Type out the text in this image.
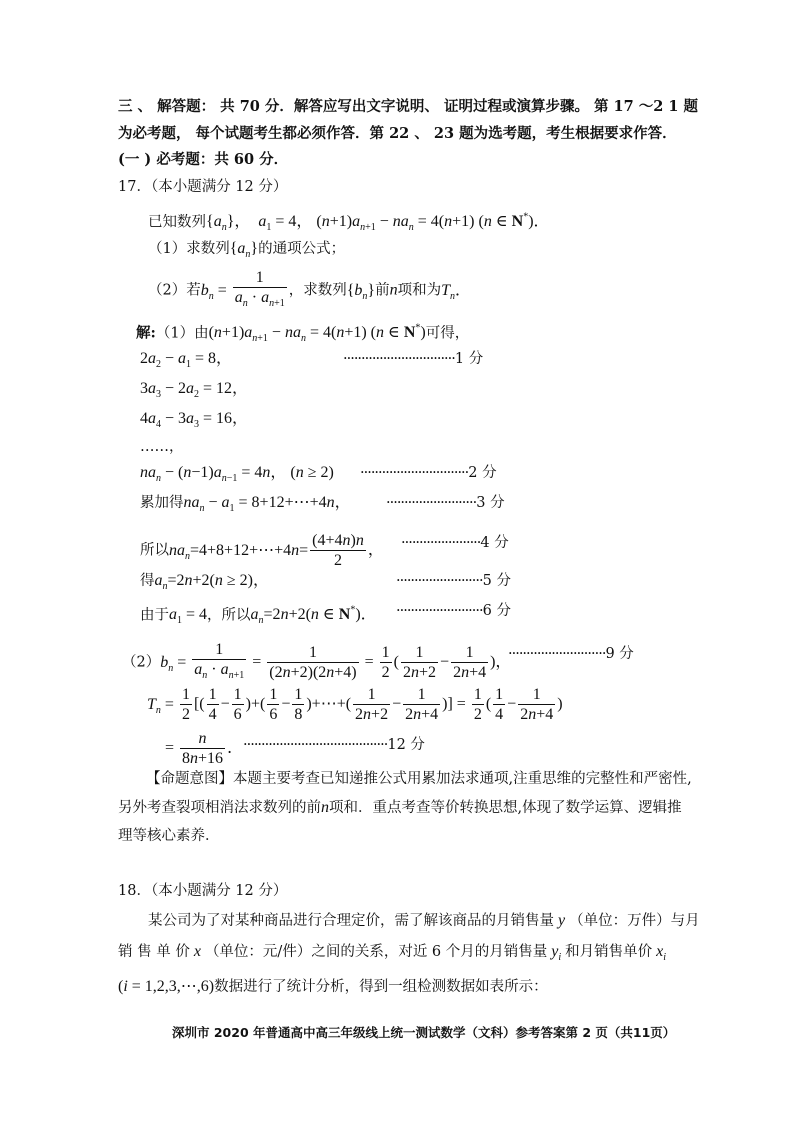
三 、 解答题： 共 70 分．解答应写出文字说明、 证明过程或演算步骤。 第 17 ～2 1 题
为必考题， 每个试题考生都必须作答．第 22 、 23 题为选考题，考生根据要求作答．
(一 ) 必考题：共 60 分．
17．（本小题满分 12 分）
已知数列$\{a_n\}$，  $a_1 = 4$， $(n+1)a_{n+1} - na_n = 4(n+1)$ (n ∈ N*)．
（1）求数列$\{a_n\}$的通项公式；
（2）若$b_n = \frac{1}{a_n \cdot a_{n+1}}$ ，求数列$\{b_n\}$前n项和为$T_n$．
解:（1）由$(n+1)a_{n+1} - na_n = 4(n+1)$ (n ∈ N*)可得，
$2a_2 - a_1 = 8$，	·······························1 分
$3a_3 - 2a_2 = 12$，
$4a_4 - 3a_3 = 16$，
……，
$na_n - (n-1)a_{n-1} = 4n$， (n ≥ 2) ······························2 分
累加得$na_n - a_1$ = 8+12+⋯+4n， ·························3 分
所以$na_n=4+8+12+\cdots+4n= \frac{(4+4n)n}{2}$ ， ······················4 分
得$a_n=2n+2(n \ge 2)$，	························5 分
由于$a_1 = 4$，所以$a_n=2n+2(n$ ∈ N*)． ························6 分
$(2)b_n = \frac{1}{a_n \cdot a_{n+1}} = \frac{1}{(2n+2)(2n+4)} = \frac{1}{2}$ ( $\frac{1}{2n+2} - \frac{1}{2n+4}$ )，
···························9 分
$T_n = \frac{1}{2}$ [( $\frac{1}{4} - \frac{1}{6}$ )+( $\frac{1}{6} - \frac{1}{8}$ )+⋯+( $\frac{1}{2n+2} - \frac{1}{2n+4}$ )] = $\frac{1}{2}$ ( $\frac{1}{4} - \frac{1}{2n+4}$ )
= $\frac{n}{8n+16}$ ． ········································12 分
【命题意图】本题主要考查已知递推公式用累加法求通项,注重思维的完整性和严密性,
另外考查裂项相消法求数列的前n项和．重点考查等价转换思想,体现了数学运算、逻辑推
理等核心素养．
18．（本小题满分 12 分）
某公司为了对某种商品进行合理定价，需了解该商品的月销售量 y （单位：万件）与月
销 售 单 价 x （单位：元/件）之间的关系，对近 6 个月的月销售量 $y_i$ 和月销售单价 $x_i$
(i = 1,2,3,⋯,6)数据进行了统计分析，得到一组检测数据如表所示：
深圳市 2020 年普通高中高三年级线上统一测试数学（文科）参考答案第 2 页（共11页）
